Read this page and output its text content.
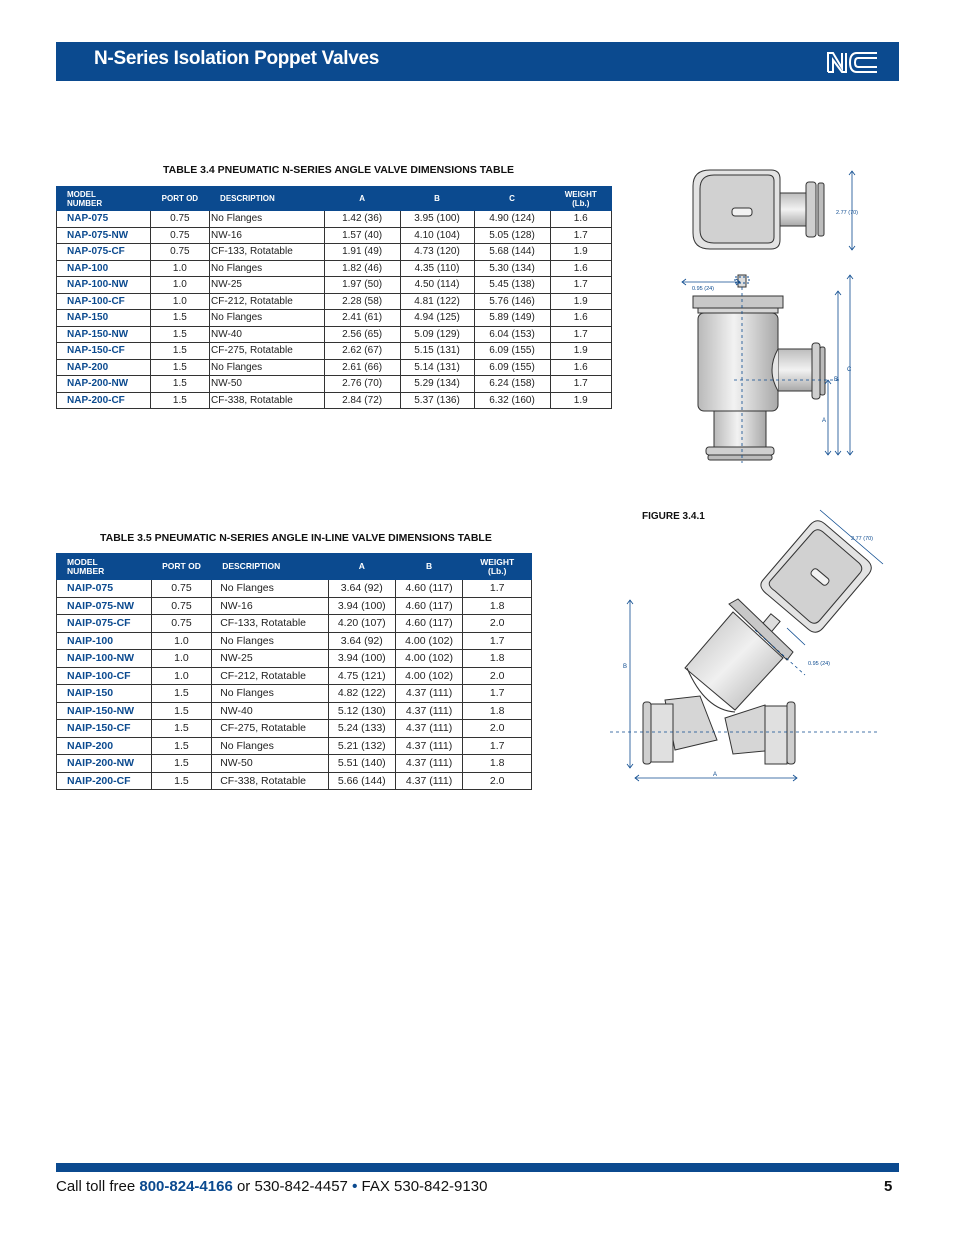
N-Series Isolation Poppet Valves
TABLE 3.4 PNEUMATIC N-SERIES ANGLE VALVE DIMENSIONS TABLE
MODEL
NUMBER	PORT OD	DESCRIPTION	A	B	C	WEIGHT
(Lb.)
NAP-075	0.75	No Flanges	1.42 (36)	3.95 (100)	4.90 (124)	1.6
NAP-075-NW	0.75	NW-16	1.57 (40)	4.10 (104)	5.05 (128)	1.7
NAP-075-CF	0.75	CF-133, Rotatable	1.91 (49)	4.73 (120)	5.68 (144)	1.9
NAP-100	1.0	No Flanges	1.82 (46)	4.35 (110)	5.30 (134)	1.6
NAP-100-NW	1.0	NW-25	1.97 (50)	4.50 (114)	5.45 (138)	1.7
NAP-100-CF	1.0	CF-212, Rotatable	2.28 (58)	4.81 (122)	5.76 (146)	1.9
NAP-150	1.5	No Flanges	2.41 (61)	4.94 (125)	5.89 (149)	1.6
NAP-150-NW	1.5	NW-40	2.56 (65)	5.09 (129)	6.04 (153)	1.7
NAP-150-CF	1.5	CF-275, Rotatable	2.62 (67)	5.15 (131)	6.09 (155)	1.9
NAP-200	1.5	No Flanges	2.61 (66)	5.14 (131)	6.09 (155)	1.6
NAP-200-NW	1.5	NW-50	2.76 (70)	5.29 (134)	6.24 (158)	1.7
NAP-200-CF	1.5	CF-338, Rotatable	2.84 (72)	5.37 (136)	6.32 (160)	1.9
2.77 (70)
0.95 (24)
A
B
C
TABLE 3.5 PNEUMATIC N-SERIES ANGLE IN-LINE VALVE DIMENSIONS TABLE
MODEL
NUMBER	PORT OD	DESCRIPTION	A	B	WEIGHT
(Lb.)
NAIP-075	0.75	No Flanges	3.64 (92)	4.60 (117)	1.7
NAIP-075-NW	0.75	NW-16	3.94 (100)	4.60 (117)	1.8
NAIP-075-CF	0.75	CF-133, Rotatable	4.20 (107)	4.60 (117)	2.0
NAIP-100	1.0	No Flanges	3.64 (92)	4.00 (102)	1.7
NAIP-100-NW	1.0	NW-25	3.94 (100)	4.00 (102)	1.8
NAIP-100-CF	1.0	CF-212, Rotatable	4.75 (121)	4.00 (102)	2.0
NAIP-150	1.5	No Flanges	4.82 (122)	4.37 (111)	1.7
NAIP-150-NW	1.5	NW-40	5.12 (130)	4.37 (111)	1.8
NAIP-150-CF	1.5	CF-275, Rotatable	5.24 (133)	4.37 (111)	2.0
NAIP-200	1.5	No Flanges	5.21 (132)	4.37 (111)	1.7
NAIP-200-NW	1.5	NW-50	5.51 (140)	4.37 (111)	1.8
NAIP-200-CF	1.5	CF-338, Rotatable	5.66 (144)	4.37 (111)	2.0
FIGURE 3.4.1
2.77 (70)
0.95 (24)
B
A
Call toll free 800-824-4166 or 530-842-4457 • FAX 530-842-9130	5
